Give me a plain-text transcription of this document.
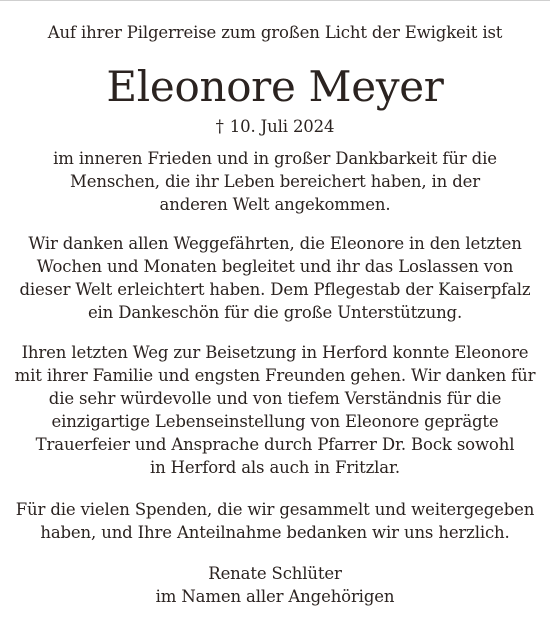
Auf ihrer Pilgerreise zum großen Licht der Ewigkeit ist
Eleonore Meyer
† 10. Juli 2024
im inneren Frieden und in großer Dankbarkeit für die
Menschen, die ihr Leben bereichert haben, in der
anderen Welt angekommen.
Wir danken allen Weggefährten, die Eleonore in den letzten
Wochen und Monaten begleitet und ihr das Loslassen von
dieser Welt erleichtert haben. Dem Pflegestab der Kaiserpfalz
ein Dankeschön für die große Unterstützung.
Ihren letzten Weg zur Beisetzung in Herford konnte Eleonore
mit ihrer Familie und engsten Freunden gehen. Wir danken für
die sehr würdevolle und von tiefem Verständnis für die
einzigartige Lebenseinstellung von Eleonore geprägte
Trauerfeier und Ansprache durch Pfarrer Dr. Bock sowohl
in Herford als auch in Fritzlar.
Für die vielen Spenden, die wir gesammelt und weitergegeben
haben, und Ihre Anteilnahme bedanken wir uns herzlich.
Renate Schlüter
im Namen aller Angehörigen
